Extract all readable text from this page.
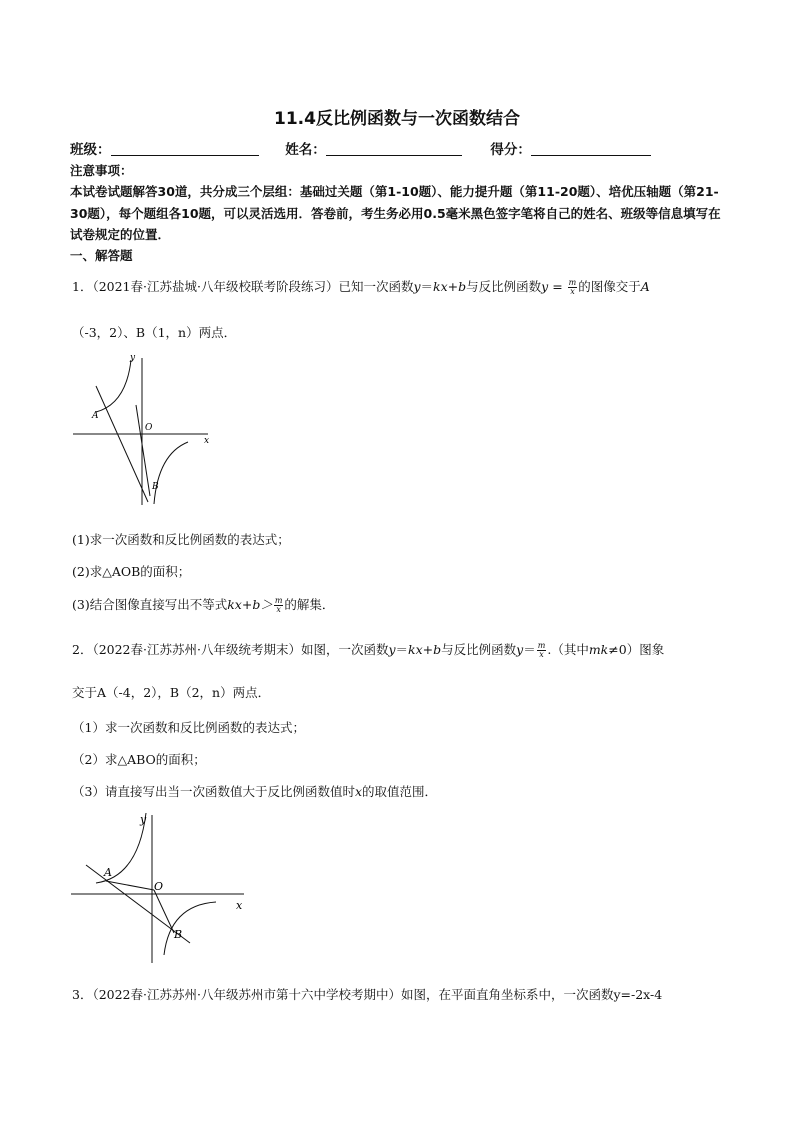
11.4反比例函数与一次函数结合
班级：	姓名：	得分：
注意事项：
本试卷试题解答30道，共分成三个层组：基础过关题（第1-10题）、能力提升题（第11-20题）、培优压轴题（第21-30题），每个题组各10题，可以灵活选用．答卷前，考生务必用0.5毫米黑色签字笔将自己的姓名、班级等信息填写在试卷规定的位置．
一、解答题
1．（2021春·江苏盐城·八年级校联考阶段练习）已知一次函数y＝kx+b与反比例函数$y = \frac{m}{x}$ 的图像交于A
（-3，2）、B（1，n）两点．
y
x
O
A
B
(1)求一次函数和反比例函数的表达式；
(2)求△AOB的面积；
(3)结合图像直接写出不等式$kx+b> \frac{m}{x}$ 的解集．
2．（2022春·江苏苏州·八年级统考期末）如图，一次函数y＝kx+b与反比例函数$y= \frac{m}{x}$ .（其中mk≠0）图象
交于A（-4，2），B（2，n）两点．
（1）求一次函数和反比例函数的表达式；
（2）求△ABO的面积；
（3）请直接写出当一次函数值大于反比例函数值时x的取值范围．
y
x
O
A
B
3．（2022春·江苏苏州·八年级苏州市第十六中学校考期中）如图，在平面直角坐标系中，一次函数y=-2x-4
